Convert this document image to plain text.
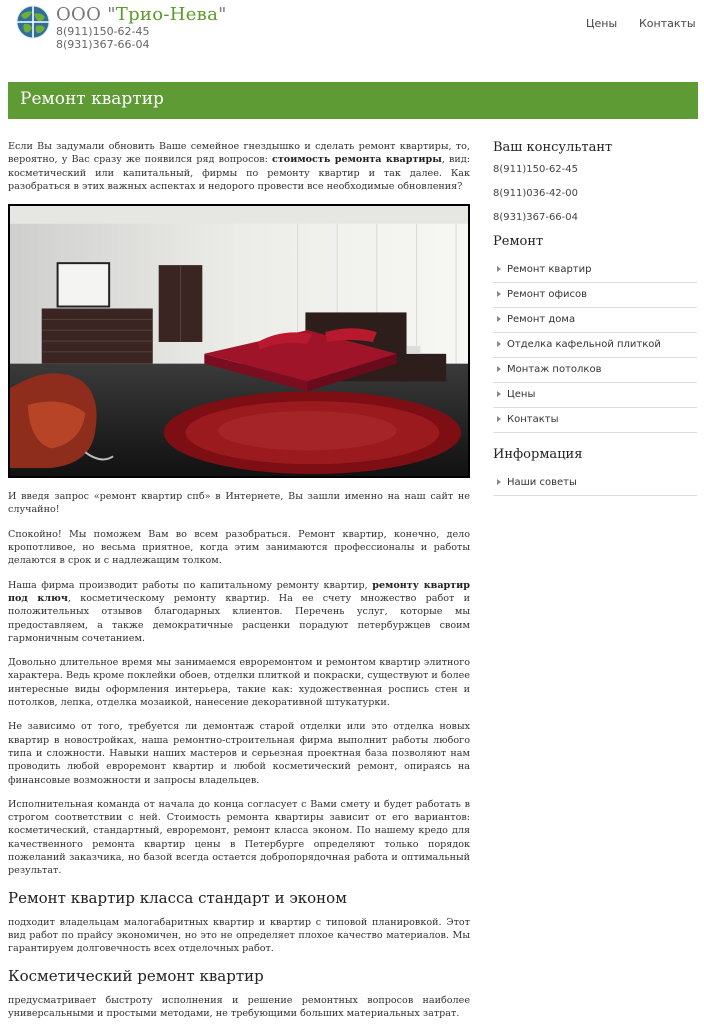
ООО "Трио-Нева"
8(911)150-62-45
8(931)367-66-04
Цены Контакты
Ремонт квартир

Если Вы задумали обновить Ваше семейное гнездышко и сделать ремонт квартиры, то, вероятно, у Вас сразу же появился ряд вопросов: стоимость ремонта квартиры, вид: косметический или капитальный, фирмы по ремонту квартир и так далее. Как разобраться в этих важных аспектах и недорого провести все необходимые обновления?

И введя запрос «ремонт квартир спб» в Интернете, Вы зашли именно на наш сайт не случайно!

Спокойно! Мы поможем Вам во всем разобраться. Ремонт квартир, конечно, дело кропотливое, но весьма приятное, когда этим занимаются профессионалы и работы делаются в срок и с надлежащим толком.

Наша фирма производит работы по капитальному ремонту квартир, ремонту квартир под ключ, косметическому ремонту квартир. На ее счету множество работ и положительных отзывов благодарных клиентов. Перечень услуг, которые мы предоставляем, а также демократичные расценки порадуют петербуржцев своим гармоничным сочетанием.

Довольно длительное время мы занимаемся евроремонтом и ремонтом квартир элитного характера. Ведь кроме поклейки обоев, отделки плиткой и покраски, существуют и более интересные виды оформления интерьера, такие как: художественная роспись стен и потолков, лепка, отделка мозаикой, нанесение декоративной штукатурки.

Не зависимо от того, требуется ли демонтаж старой отделки или это отделка новых квартир в новостройках, наша ремонтно-строительная фирма выполнит работы любого типа и сложности. Навыки наших мастеров и серьезная проектная база позволяют нам проводить любой евроремонт квартир и любой косметический ремонт, опираясь на финансовые возможности и запросы владельцев.

Исполнительная команда от начала до конца согласует с Вами смету и будет работать в строгом соответствии с ней. Стоимость ремонта квартиры зависит от его вариантов: косметический, стандартный, евроремонт, ремонт класса эконом. По нашему кредо для качественного ремонта квартир цены в Петербурге определяют только порядок пожеланий заказчика, но базой всегда остается добропорядочная работа и оптимальный результат.

Ремонт квартир класса стандарт и эконом

подходит владельцам малогабаритных квартир и квартир с типовой планировкой. Этот вид работ по прайсу экономичен, но это не определяет плохое качество материалов. Мы гарантируем долговечность всех отделочных работ.

Косметический ремонт квартир

предусматривает быстроту исполнения и решение ремонтных вопросов наиболее универсальными и простыми методами, не требующими больших материальных затрат.

Ваш консультант
8(911)150-62-45
8(911)036-42-00
8(931)367-66-04
Ремонт
Ремонт квартир
Ремонт офисов
Ремонт дома
Отделка кафельной плиткой
Монтаж потолков
Цены
Контакты
Информация
Наши советы
